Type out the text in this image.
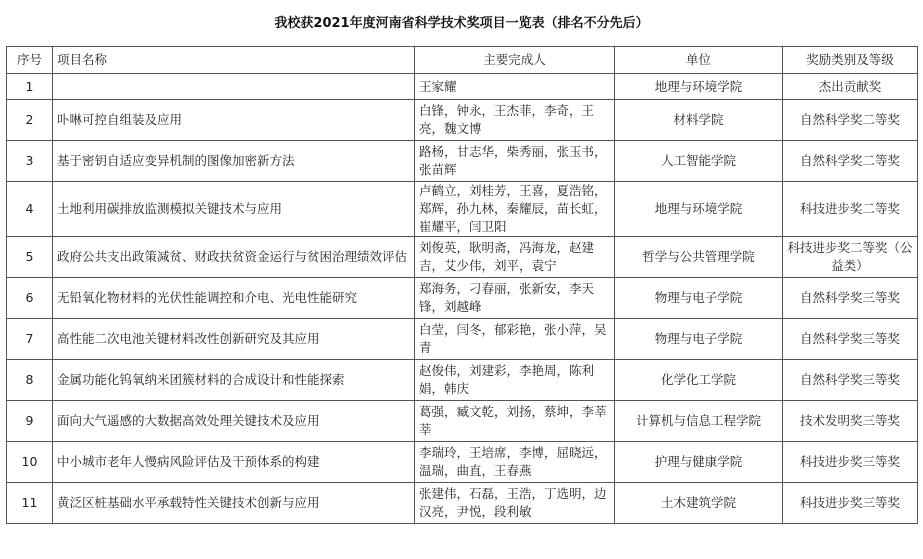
我校获2021年度河南省科学技术奖项目一览表（排名不分先后）
序号	项目名称	主要完成人	单位	奖励类别及等级
1		王家耀	地理与环境学院	杰出贡献奖
2	卟啉可控自组装及应用	白锋，钟永，王杰菲，李奇，王亮，魏文博	材料学院	自然科学奖二等奖
3	基于密钥自适应变异机制的图像加密新方法	路杨，甘志华，柴秀丽，张玉书，张苗辉	人工智能学院	自然科学奖二等奖
4	土地利用碳排放监测模拟关键技术与应用	卢鹤立，刘桂芳，王喜，夏浩铭，郑辉，孙九林，秦耀辰，苗长虹，崔耀平，闫卫阳	地理与环境学院	科技进步奖二等奖
5	政府公共支出政策减贫、财政扶贫资金运行与贫困治理绩效评估	刘俊英，耿明斋，冯海龙，赵建吉，艾少伟，刘平，袁宁	哲学与公共管理学院	科技进步奖二等奖（公益类）
6	无铅氧化物材料的光伏性能调控和介电、光电性能研究	郑海务，刁春丽，张新安，李天锋，刘越峰	物理与电子学院	自然科学奖三等奖
7	高性能二次电池关键材料改性创新研究及其应用	白莹，闫冬，郁彩艳，张小萍，吴青	物理与电子学院	自然科学奖三等奖
8	金属功能化钨氧纳米团簇材料的合成设计和性能探索	赵俊伟，刘建彩，李艳周，陈利娟，韩庆	化学化工学院	自然科学奖三等奖
9	面向大气遥感的大数据高效处理关键技术及应用	葛强，臧文乾，刘扬，蔡坤，李莘莘	计算机与信息工程学院	技术发明奖三等奖
10	中小城市老年人慢病风险评估及干预体系的构建	李瑞玲，王培席，李博，屈晓远，温瑞，曲直，王春燕	护理与健康学院	科技进步奖三等奖
11	黄泛区桩基础水平承载特性关键技术创新与应用	张建伟，石磊，王浩，丁选明，边汉亮，尹悦，段利敏	土木建筑学院	科技进步奖三等奖
